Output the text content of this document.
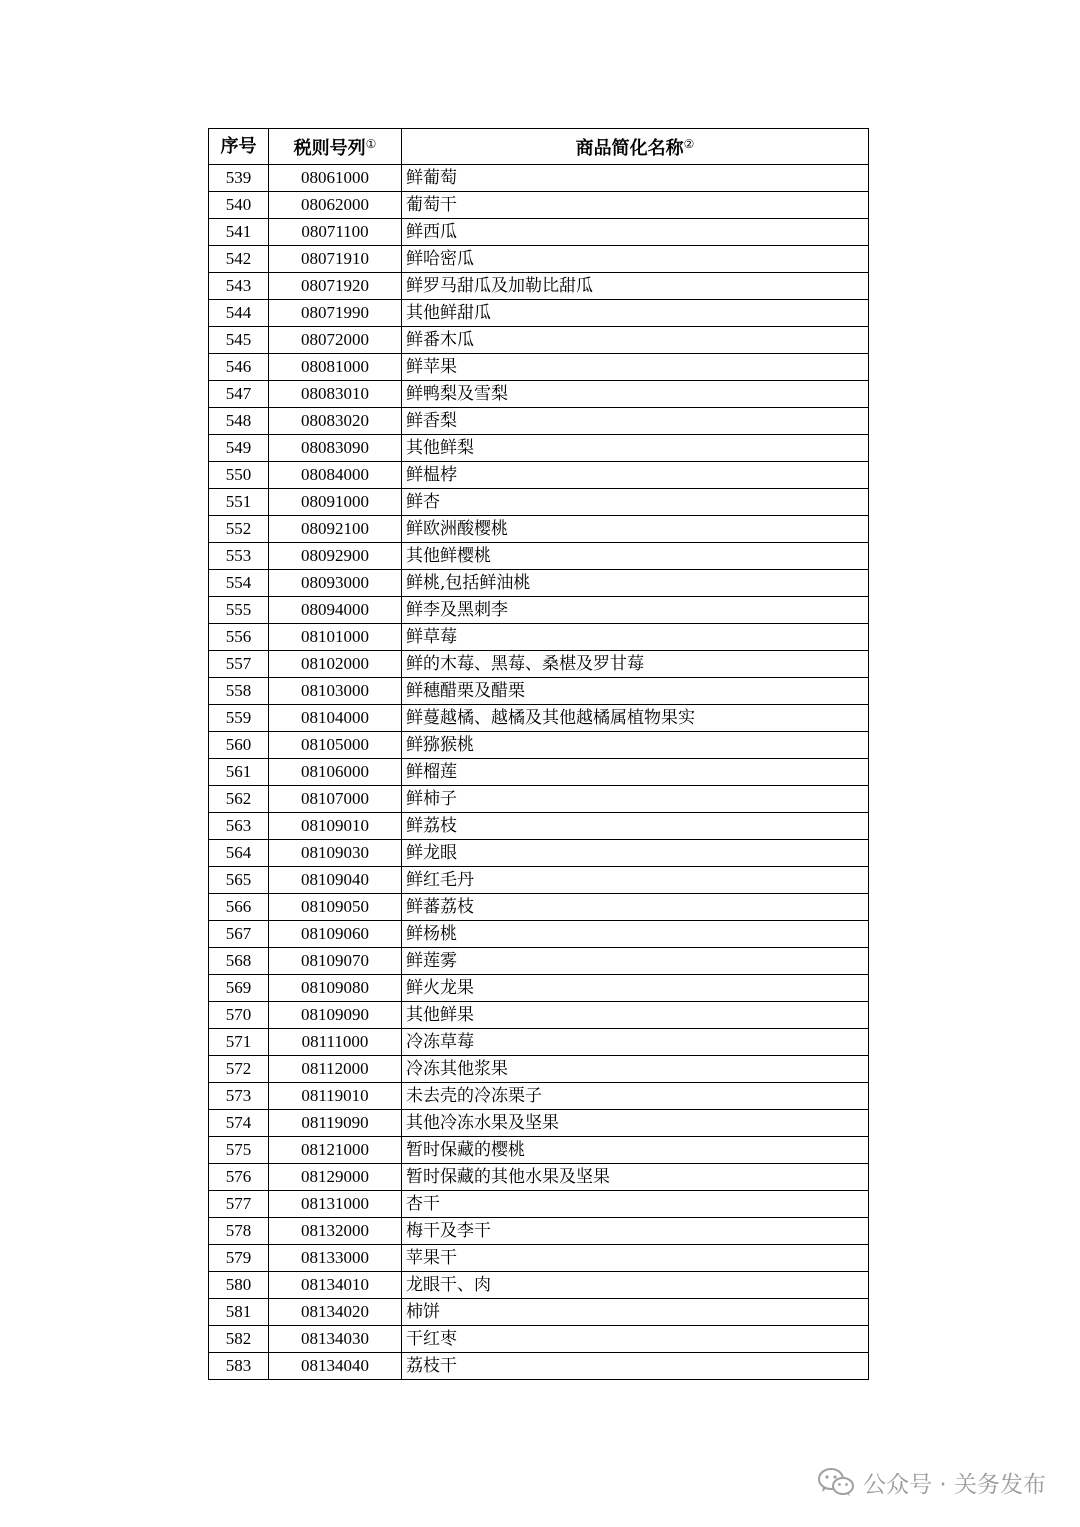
序号	税则号列①	商品简化名称②
539	08061000	鲜葡萄
540	08062000	葡萄干
541	08071100	鲜西瓜
542	08071910	鲜哈密瓜
543	08071920	鲜罗马甜瓜及加勒比甜瓜
544	08071990	其他鲜甜瓜
545	08072000	鲜番木瓜
546	08081000	鲜苹果
547	08083010	鲜鸭梨及雪梨
548	08083020	鲜香梨
549	08083090	其他鲜梨
550	08084000	鲜榅桲
551	08091000	鲜杏
552	08092100	鲜欧洲酸樱桃
553	08092900	其他鲜樱桃
554	08093000	鲜桃,包括鲜油桃
555	08094000	鲜李及黑刺李
556	08101000	鲜草莓
557	08102000	鲜的木莓、黑莓、桑椹及罗甘莓
558	08103000	鲜穗醋栗及醋栗
559	08104000	鲜蔓越橘、越橘及其他越橘属植物果实
560	08105000	鲜猕猴桃
561	08106000	鲜榴莲
562	08107000	鲜柿子
563	08109010	鲜荔枝
564	08109030	鲜龙眼
565	08109040	鲜红毛丹
566	08109050	鲜蕃荔枝
567	08109060	鲜杨桃
568	08109070	鲜莲雾
569	08109080	鲜火龙果
570	08109090	其他鲜果
571	08111000	冷冻草莓
572	08112000	冷冻其他浆果
573	08119010	未去壳的冷冻栗子
574	08119090	其他冷冻水果及坚果
575	08121000	暂时保藏的樱桃
576	08129000	暂时保藏的其他水果及坚果
577	08131000	杏干
578	08132000	梅干及李干
579	08133000	苹果干
580	08134010	龙眼干、肉
581	08134020	柿饼
582	08134030	干红枣
583	08134040	荔枝干
公众号 · 关务发布
